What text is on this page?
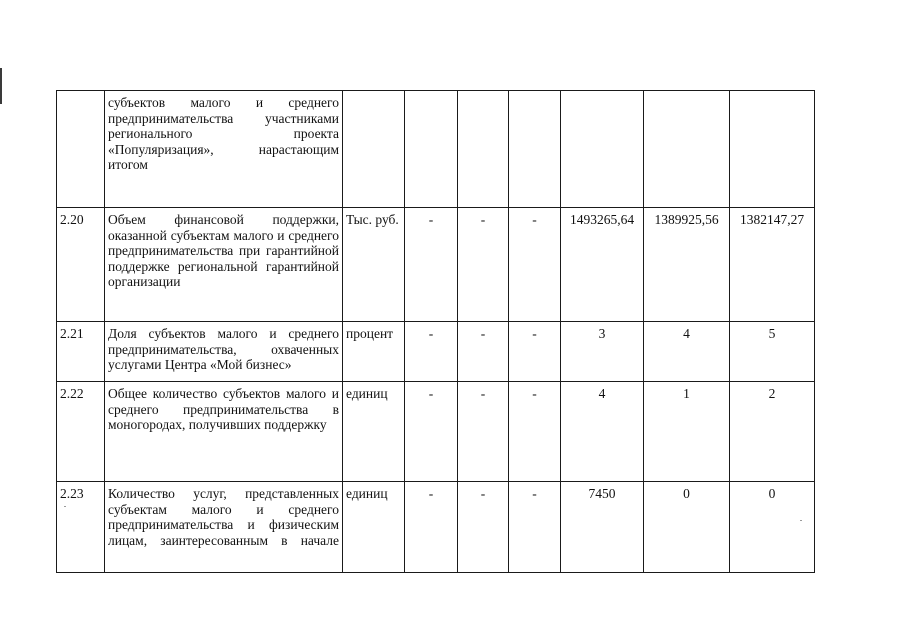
	субъектов малого и среднего предпринимательства участниками регионального проекта «Популяризация», нарастающим итогом							
2.20	Объем финансовой поддержки, оказанной субъектам малого и среднего предпринимательства при гарантийной поддержке региональной гарантийной организации	Тыс. руб.	-	-	-	1493265,64	1389925,56	1382147,27
2.21	Доля субъектов малого и среднего предпринимательства, охваченных услугами Центра «Мой бизнес»	процент	-	-	-	3	4	5
2.22	Общее количество субъектов малого и среднего предпринимательства в моногородах, получивших поддержку	единиц	-	-	-	4	1	2
2.23	Количество услуг, представленных субъектам малого и среднего предпринимательства и физическим лицам, заинтересованным в начале	единиц	-	-	-	7450	0	0
